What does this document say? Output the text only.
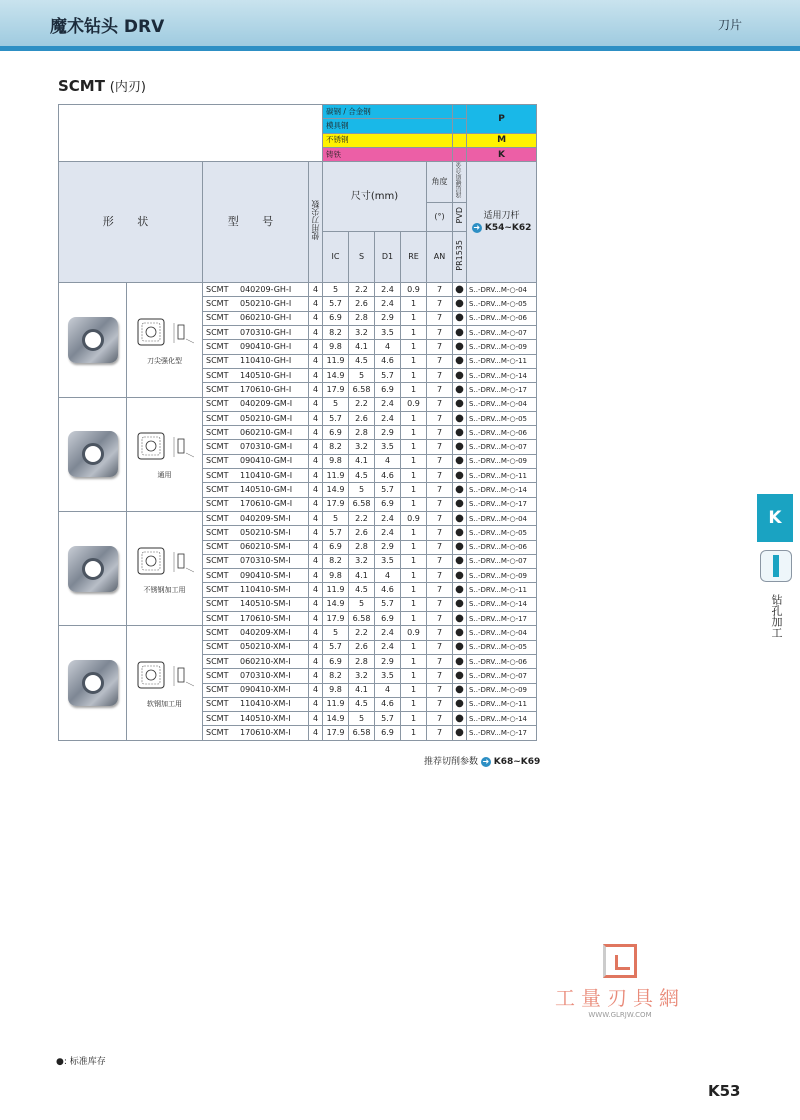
魔术钻头 DRV	刀片
SCMT (内刃)
				碳钢 / 合金钢						P
				模具钢						
				不锈钢						M
				铸铁						K
形 状		型 号	使用刀尖数	尺寸(mm)				角度	涂层硬质合金	适用刀杆
➜ K54~K62

								(°)	PVD	
				IC	S	D1	RE	AN	PR1535	

	刀尖强化型	SCMT 040209-GH-I	4	5	2.2	2.4	0.9	7	●	S..-DRV...M-○-04
		SCMT 050210-GH-I	4	5.7	2.6	2.4	1	7	●	S..-DRV...M-○-05
		SCMT 060210-GH-I	4	6.9	2.8	2.9	1	7	●	S..-DRV...M-○-06
		SCMT 070310-GH-I	4	8.2	3.2	3.5	1	7	●	S..-DRV...M-○-07
		SCMT 090410-GH-I	4	9.8	4.1	4	1	7	●	S..-DRV...M-○-09
		SCMT 110410-GH-I	4	11.9	4.5	4.6	1	7	●	S..-DRV...M-○-11
		SCMT 140510-GH-I	4	14.9	5	5.7	1	7	●	S..-DRV...M-○-14
		SCMT 170610-GH-I	4	17.9	6.58	6.9	1	7	●	S..-DRV...M-○-17

	通用	SCMT 040209-GM-I	4	5	2.2	2.4	0.9	7	●	S..-DRV...M-○-04
		SCMT 050210-GM-I	4	5.7	2.6	2.4	1	7	●	S..-DRV...M-○-05
		SCMT 060210-GM-I	4	6.9	2.8	2.9	1	7	●	S..-DRV...M-○-06
		SCMT 070310-GM-I	4	8.2	3.2	3.5	1	7	●	S..-DRV...M-○-07
		SCMT 090410-GM-I	4	9.8	4.1	4	1	7	●	S..-DRV...M-○-09
		SCMT 110410-GM-I	4	11.9	4.5	4.6	1	7	●	S..-DRV...M-○-11
		SCMT 140510-GM-I	4	14.9	5	5.7	1	7	●	S..-DRV...M-○-14
		SCMT 170610-GM-I	4	17.9	6.58	6.9	1	7	●	S..-DRV...M-○-17

	不锈钢加工用	SCMT 040209-SM-I	4	5	2.2	2.4	0.9	7	●	S..-DRV...M-○-04
		SCMT 050210-SM-I	4	5.7	2.6	2.4	1	7	●	S..-DRV...M-○-05
		SCMT 060210-SM-I	4	6.9	2.8	2.9	1	7	●	S..-DRV...M-○-06
		SCMT 070310-SM-I	4	8.2	3.2	3.5	1	7	●	S..-DRV...M-○-07
		SCMT 090410-SM-I	4	9.8	4.1	4	1	7	●	S..-DRV...M-○-09
		SCMT 110410-SM-I	4	11.9	4.5	4.6	1	7	●	S..-DRV...M-○-11
		SCMT 140510-SM-I	4	14.9	5	5.7	1	7	●	S..-DRV...M-○-14
		SCMT 170610-SM-I	4	17.9	6.58	6.9	1	7	●	S..-DRV...M-○-17

	软钢加工用	SCMT 040209-XM-I	4	5	2.2	2.4	0.9	7	●	S..-DRV...M-○-04
		SCMT 050210-XM-I	4	5.7	2.6	2.4	1	7	●	S..-DRV...M-○-05
		SCMT 060210-XM-I	4	6.9	2.8	2.9	1	7	●	S..-DRV...M-○-06
		SCMT 070310-XM-I	4	8.2	3.2	3.5	1	7	●	S..-DRV...M-○-07
		SCMT 090410-XM-I	4	9.8	4.1	4	1	7	●	S..-DRV...M-○-09
		SCMT 110410-XM-I	4	11.9	4.5	4.6	1	7	●	S..-DRV...M-○-11
		SCMT 140510-XM-I	4	14.9	5	5.7	1	7	●	S..-DRV...M-○-14
		SCMT 170610-XM-I	4	17.9	6.58	6.9	1	7	●	S..-DRV...M-○-17
推荐切削参数 ➜ K68~K69
K
钻孔加工
工量刃具網
WWW.GLRJW.COM
●: 标准库存
K53
